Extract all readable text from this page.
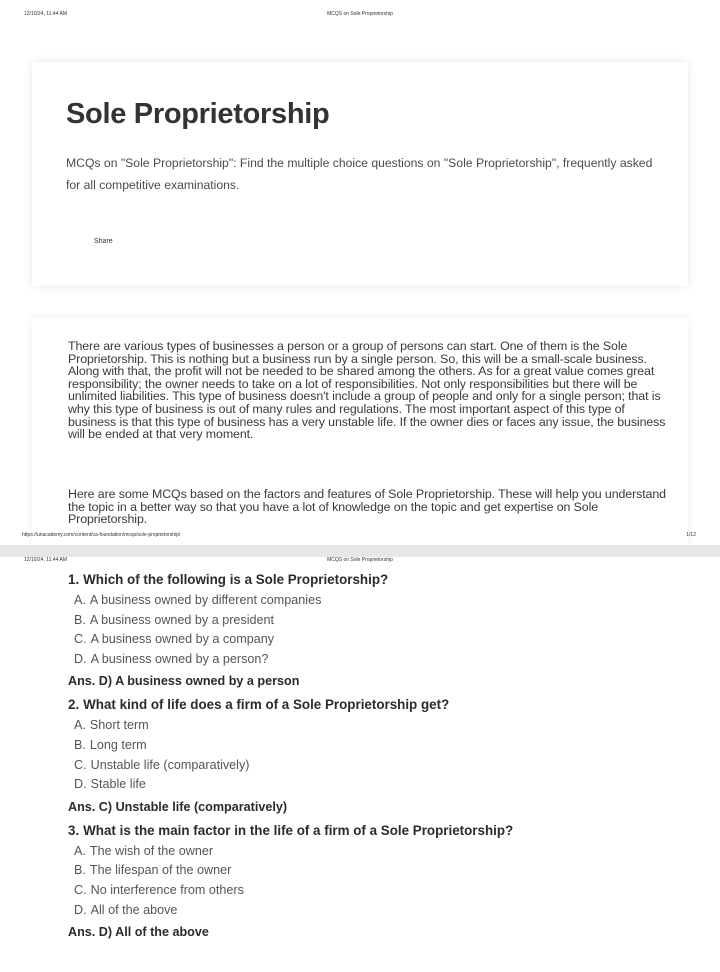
12/10/24, 11:44 AM	MCQS on Sole Proprietorship
Sole Proprietorship
MCQs on "Sole Proprietorship": Find the multiple choice questions on "Sole Proprietorship", frequently asked for all competitive examinations.
Share

There are various types of businesses a person or a group of persons can start. One of them is the Sole Proprietorship. This is nothing but a business run by a single person. So, this will be a small-scale business. Along with that, the profit will not be needed to be shared among the others. As for a great value comes great responsibility; the owner needs to take on a lot of responsibilities. Not only responsibilities but there will be unlimited liabilities. This type of business doesn't include a group of people and only for a single person; that is why this type of business is out of many rules and regulations. The most important aspect of this type of business is that this type of business has a very unstable life. If the owner dies or faces any issue, the business will be ended at that very moment.

Here are some MCQs based on the factors and features of Sole Proprietorship. These will help you understand the topic in a better way so that you have a lot of knowledge on the topic and get expertise on Sole Proprietorship.

https://unacademy.com/content/ca-foundation/mcqs/sole-proprietorship/	1/12
12/10/24, 11:44 AM	MCQS on Sole Proprietorship
1. Which of the following is a Sole Proprietorship?
A. A business owned by different companies
B. A business owned by a president
C. A business owned by a company
D. A business owned by a person?
Ans. D) A business owned by a person
2. What kind of life does a firm of a Sole Proprietorship get?
A. Short term
B. Long term
C. Unstable life (comparatively)
D. Stable life
Ans. C) Unstable life (comparatively)
3. What is the main factor in the life of a firm of a Sole Proprietorship?
A. The wish of the owner
B. The lifespan of the owner
C. No interference from others
D. All of the above
Ans. D) All of the above
